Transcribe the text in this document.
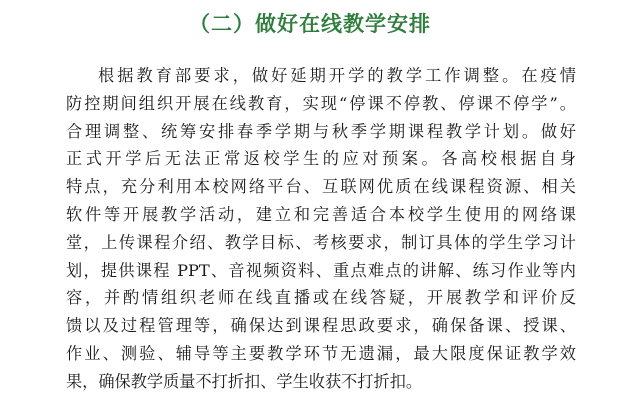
（二）做好在线教学安排
根据教育部要求，做好延期开学的教学工作调整。在疫情
防控期间组织开展在线教育，实现“停课不停教、停课不停学”。
合理调整、统筹安排春季学期与秋季学期课程教学计划。做好
正式开学后无法正常返校学生的应对预案。各高校根据自身
特点，充分利用本校网络平台、互联网优质在线课程资源、相关
软件等开展教学活动，建立和完善适合本校学生使用的网络课
堂，上传课程介绍、教学目标、考核要求，制订具体的学生学习计
划，提供课程 PPT、音视频资料、重点难点的讲解、练习作业等内
容，并酌情组织老师在线直播或在线答疑，开展教学和评价反
馈以及过程管理等，确保达到课程思政要求，确保备课、授课、
作业、测验、辅导等主要教学环节无遗漏，最大限度保证教学效
果，确保教学质量不打折扣、学生收获不打折扣。
